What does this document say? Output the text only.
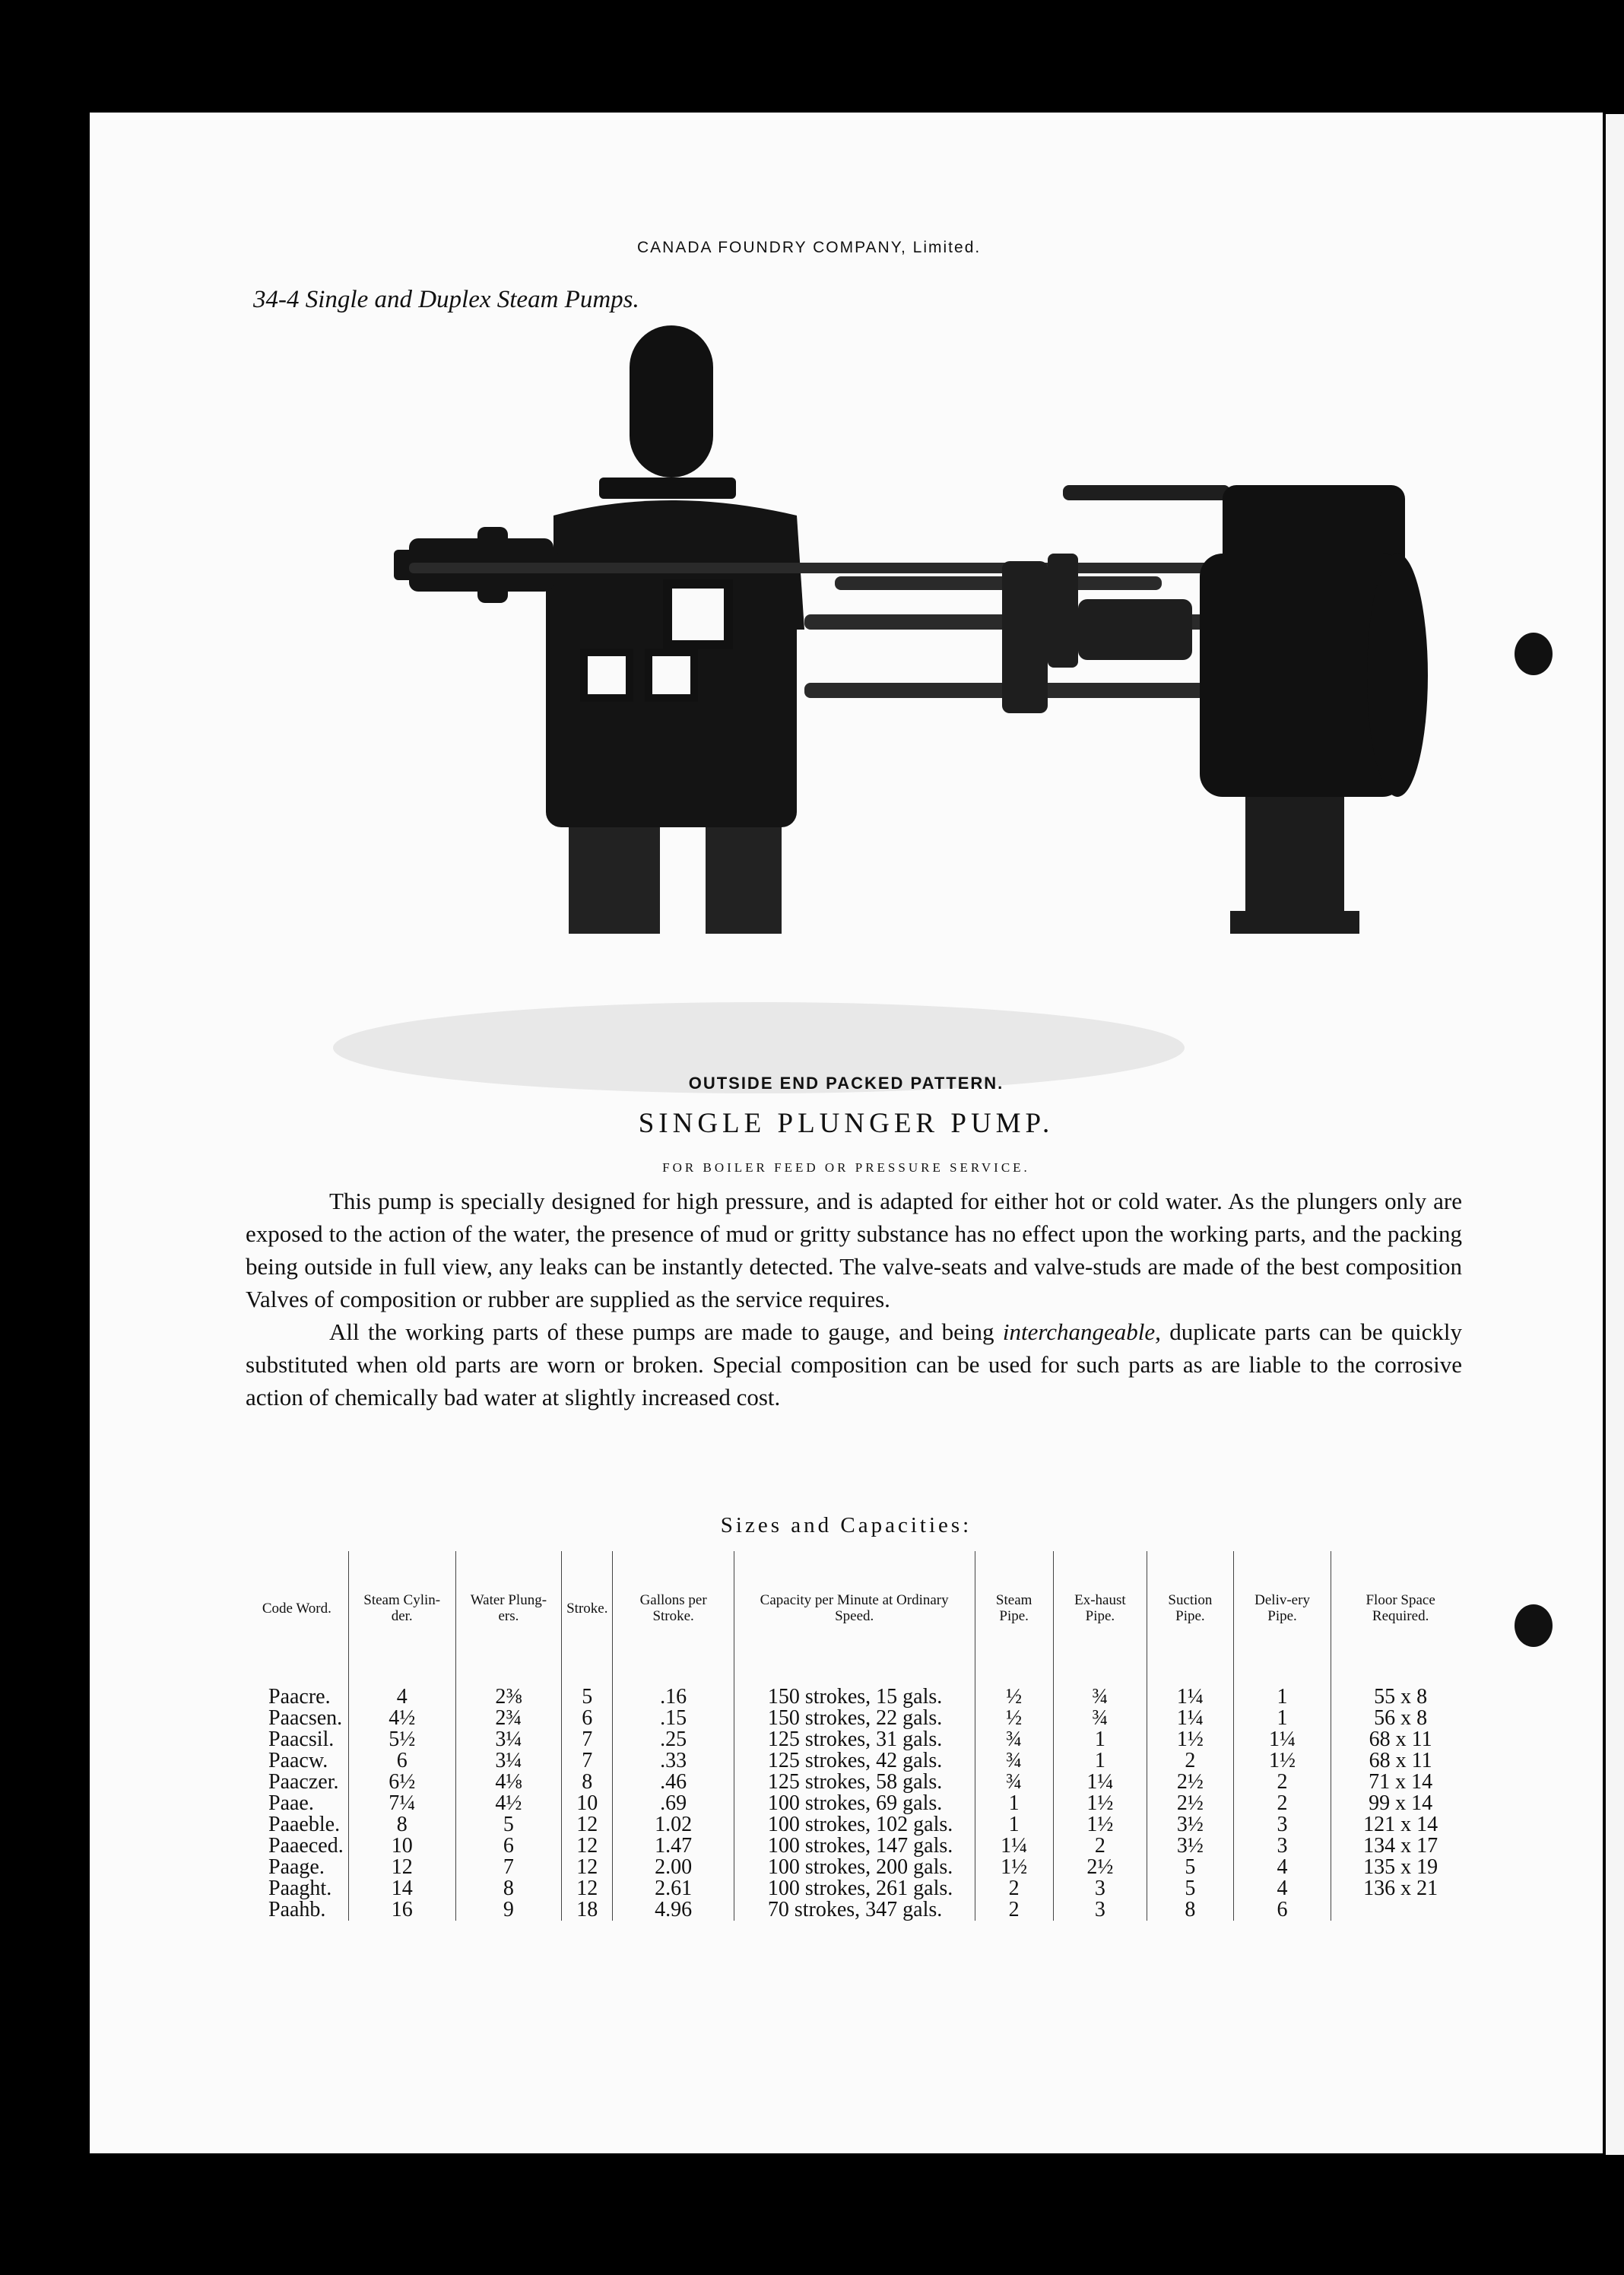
CANADA FOUNDRY COMPANY, Limited.

34-4 Single and Duplex Steam Pumps.

OUTSIDE END PACKED PATTERN.

SINGLE PLUNGER PUMP.

FOR BOILER FEED OR PRESSURE SERVICE.

This pump is specially designed for high pressure, and is adapted for either hot or cold water. As the plungers only are exposed to the action of the water, the presence of mud or gritty substance has no effect upon the working parts, and the packing being outside in full view, any leaks can be instantly detected. The valve-seats and valve-studs are made of the best composition Valves of composition or rubber are supplied as the service requires.

All the working parts of these pumps are made to gauge, and being interchangeable, duplicate parts can be quickly substituted when old parts are worn or broken. Special composition can be used for such parts as are liable to the corrosive action of chemically bad water at slightly increased cost.

Sizes and Capacities:

Code Word.	Steam Cylin-der.	Water Plung-ers.	Stroke.	Gallons per Stroke.	Capacity per Minute at Ordinary Speed.	Steam Pipe.	Ex-haust Pipe.	Suction Pipe.	Deliv-ery Pipe.	Floor Space Required.
Paacre.	4	2⅜	5	.16	150 strokes, 15 gals.	½	¾	1¼	1	55 x 8
Paacsen.	4½	2¾	6	.15	150 strokes, 22 gals.	½	¾	1¼	1	56 x 8
Paacsil.	5½	3¼	7	.25	125 strokes, 31 gals.	¾	1	1½	1¼	68 x 11
Paacw.	6	3¼	7	.33	125 strokes, 42 gals.	¾	1	2	1½	68 x 11
Paaczer.	6½	4⅛	8	.46	125 strokes, 58 gals.	¾	1¼	2½	2	71 x 14
Paae.	7¼	4½	10	.69	100 strokes, 69 gals.	1	1½	2½	2	99 x 14
Paaeble.	8	5	12	1.02	100 strokes, 102 gals.	1	1½	3½	3	121 x 14
Paaeced.	10	6	12	1.47	100 strokes, 147 gals.	1¼	2	3½	3	134 x 17
Paage.	12	7	12	2.00	100 strokes, 200 gals.	1½	2½	5	4	135 x 19
Paaght.	14	8	12	2.61	100 strokes, 261 gals.	2	3	5	4	136 x 21
Paahb.	16	9	18	4.96	70 strokes, 347 gals.	2	3	8	6	
